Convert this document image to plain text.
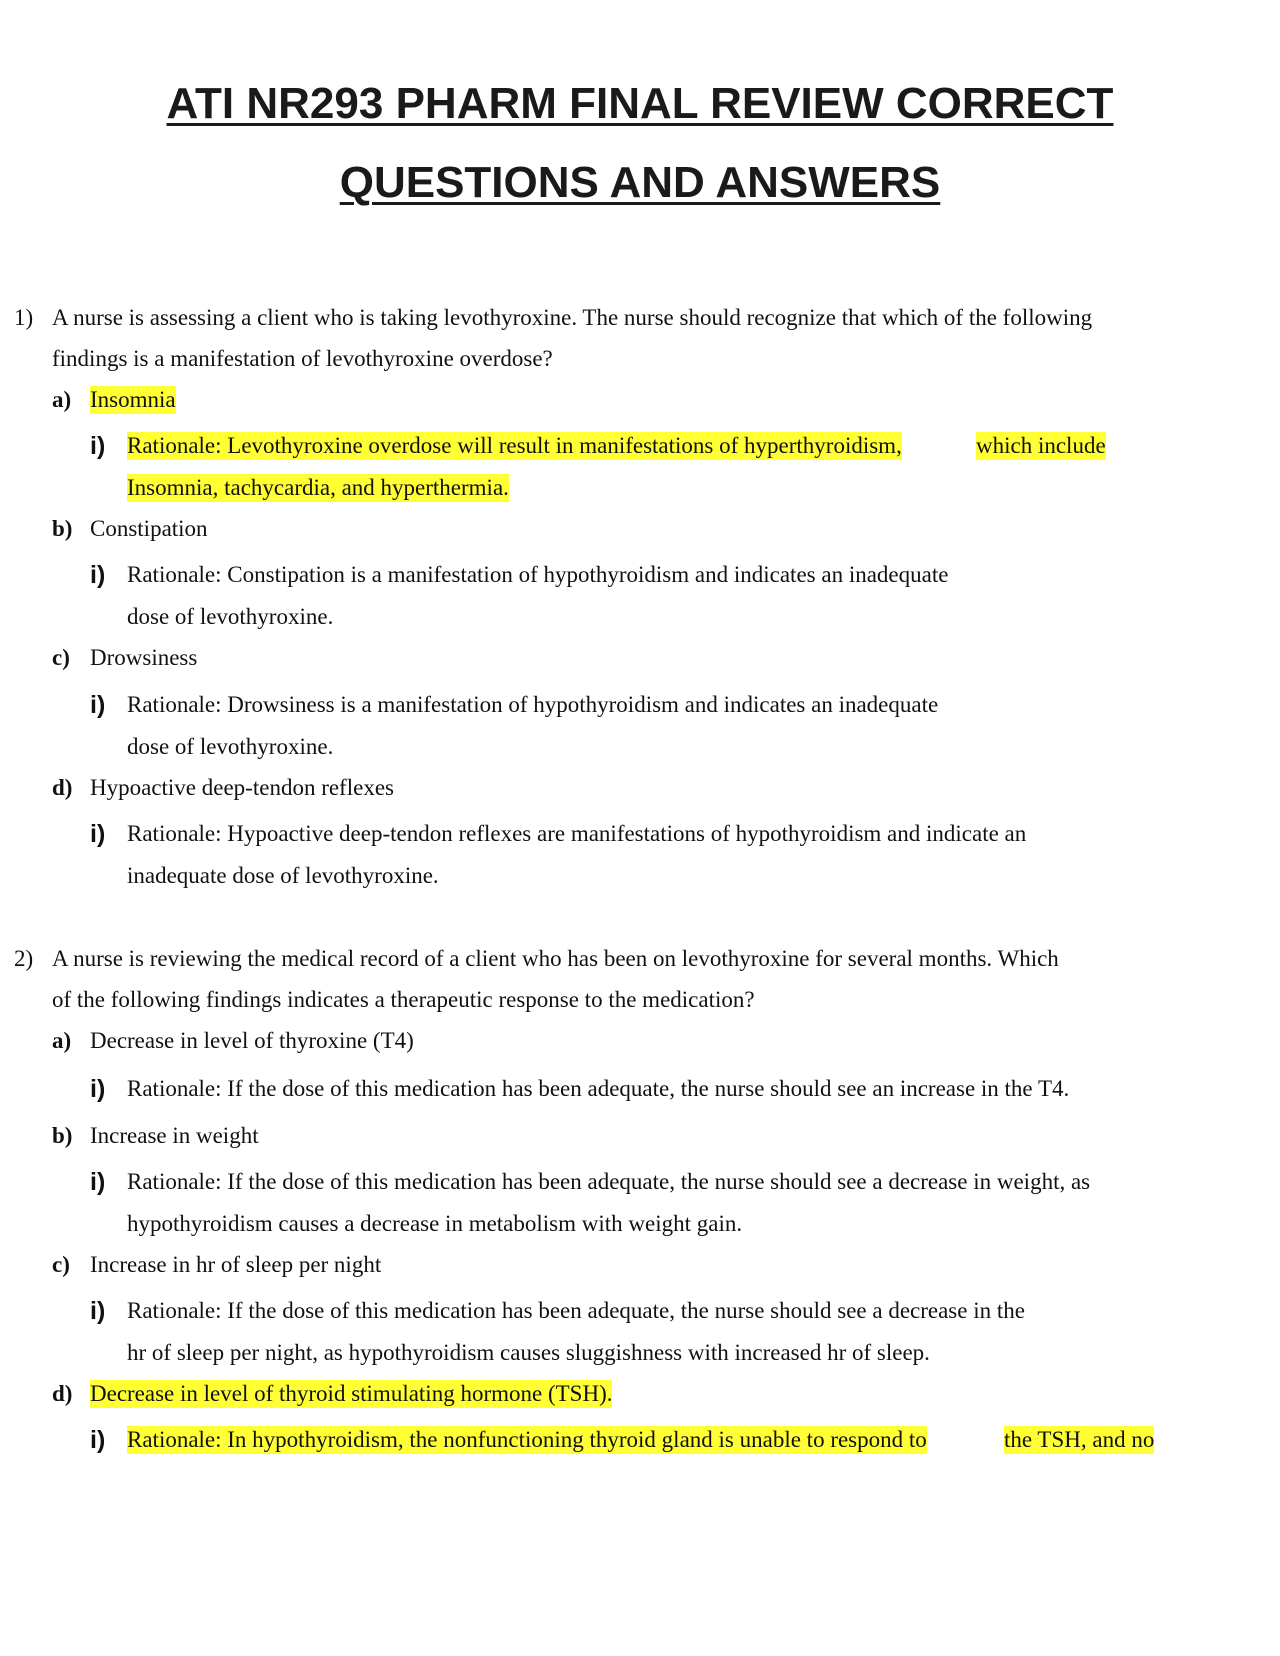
ATI NR293 PHARM FINAL REVIEW CORRECT
QUESTIONS AND ANSWERS
1) A nurse is assessing a client who is taking levothyroxine. The nurse should recognize that which of the following
findings is a manifestation of levothyroxine overdose?
a) Insomnia
i) Rationale: Levothyroxine overdose will result in manifestations of hyperthyroidism,	which include
Insomnia, tachycardia, and hyperthermia.
b) Constipation
i) Rationale: Constipation is a manifestation of hypothyroidism and indicates an inadequate
dose of levothyroxine.
c) Drowsiness
i) Rationale: Drowsiness is a manifestation of hypothyroidism and indicates an inadequate
dose of levothyroxine.
d) Hypoactive deep-tendon reflexes
i) Rationale: Hypoactive deep-tendon reflexes are manifestations of hypothyroidism and indicate an
inadequate dose of levothyroxine.
2) A nurse is reviewing the medical record of a client who has been on levothyroxine for several months. Which
of the following findings indicates a therapeutic response to the medication?
a) Decrease in level of thyroxine (T4)
i) Rationale: If the dose of this medication has been adequate, the nurse should see an increase in the T4.
b) Increase in weight
i) Rationale: If the dose of this medication has been adequate, the nurse should see a decrease in weight, as
hypothyroidism causes a decrease in metabolism with weight gain.
c) Increase in hr of sleep per night
i) Rationale: If the dose of this medication has been adequate, the nurse should see a decrease in the
hr of sleep per night, as hypothyroidism causes sluggishness with increased hr of sleep.
d) Decrease in level of thyroid stimulating hormone (TSH).
i) Rationale: In hypothyroidism, the nonfunctioning thyroid gland is unable to respond to	the TSH, and no
